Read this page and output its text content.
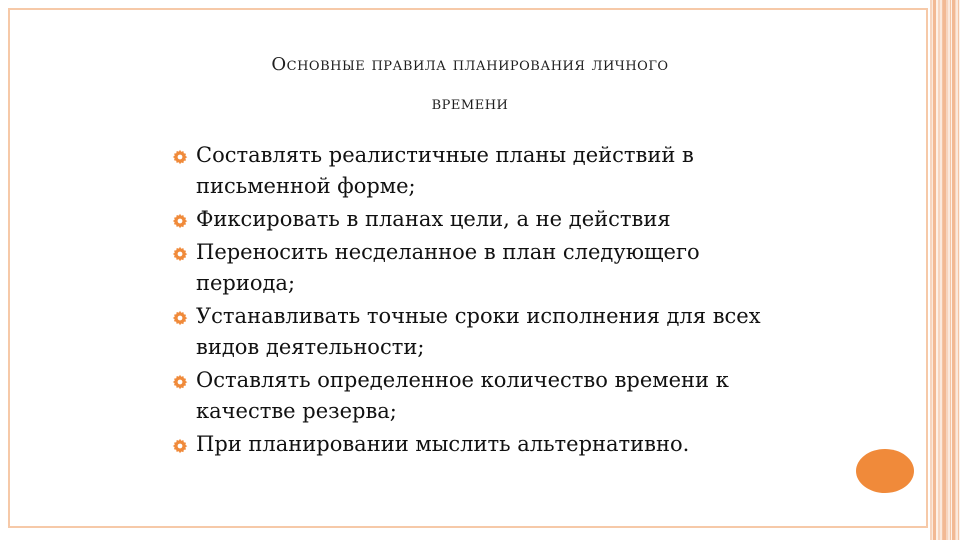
Основные правила планирования личного
времени
Составлять реалистичные планы действий в письменной форме;
Фиксировать в планах цели, а не действия
Переносить несделанное в план следующего периода;
Устанавливать точные сроки исполнения для всех видов деятельности;
Оставлять определенное количество времени к качестве резерва;
При планировании мыслить альтернативно.
